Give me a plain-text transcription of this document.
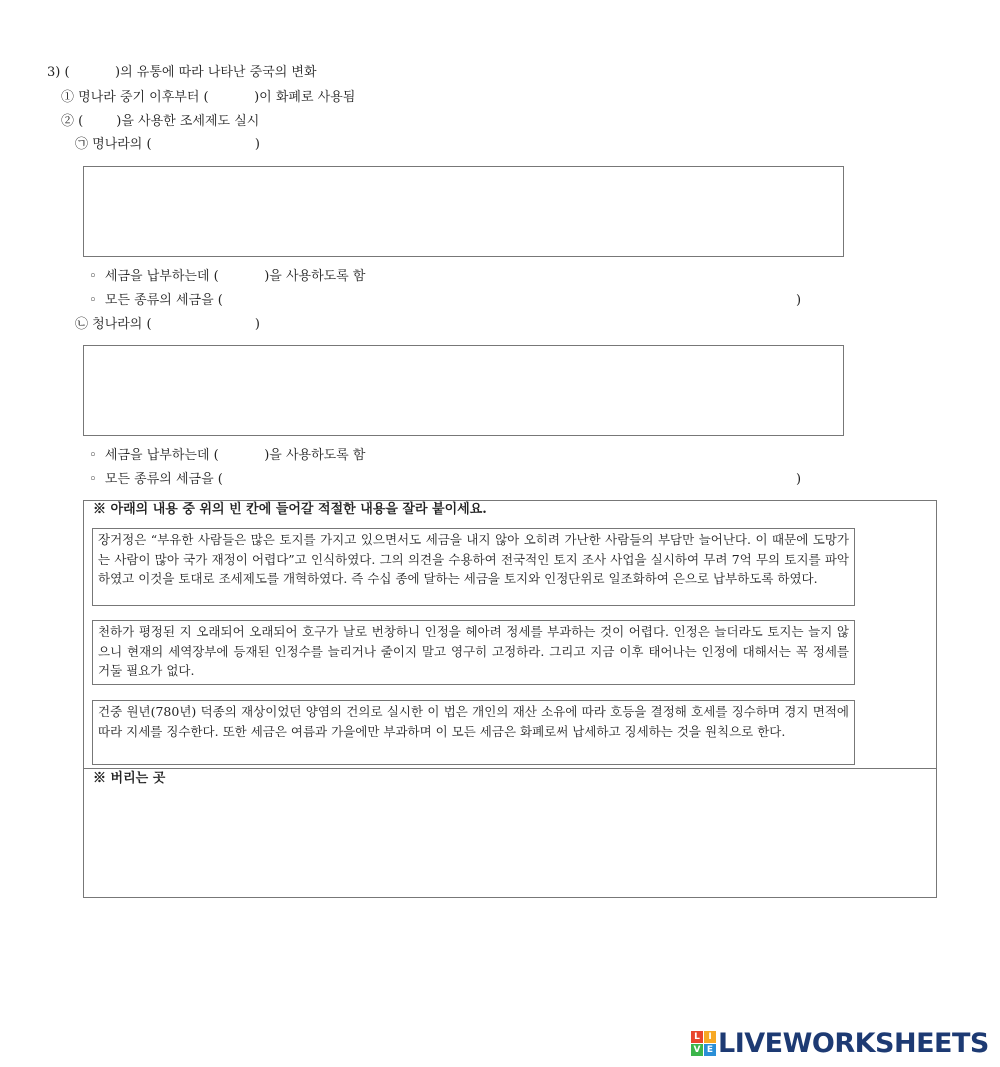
3) (           )의 유통에 따라 나타난 중국의 변화
① 명나라 중기 이후부터 (           )이 화폐로 사용됨
② (        )을 사용한 조세제도 실시
㉠ 명나라의 (                         )
◦  세금을 납부하는데 (           )을 사용하도록 함
◦  모든 종류의 세금을 (	)
㉡ 청나라의 (                         )
◦  세금을 납부하는데 (           )을 사용하도록 함
◦  모든 종류의 세금을 (	)
※ 아래의 내용 중 위의 빈 칸에 들어갈 적절한 내용을 잘라 붙이세요.
장거정은 “부유한 사람들은 많은 토지를 가지고 있으면서도 세금을 내지 않아 오히려 가난한 사람들의 부담만 늘어난다. 이 때문에 도망가는 사람이 많아 국가 재정이 어렵다”고 인식하였다. 그의 의견을 수용하여 전국적인 토지 조사 사업을 실시하여 무려 7억 무의 토지를 파악하였고 이것을 토대로 조세제도를 개혁하였다. 즉 수십 종에 달하는 세금을 토지와 인정단위로 일조화하여 은으로 납부하도록 하였다.
천하가 평정된 지 오래되어 오래되어 호구가 날로 번창하니 인정을 헤아려 정세를 부과하는 것이 어렵다. 인정은 늘더라도 토지는 늘지 않으니 현재의 세역장부에 등재된 인정수를 늘리거나 줄이지 말고 영구히 고정하라. 그리고 지금 이후 태어나는 인정에 대해서는 꼭 정세를 거둘 필요가 없다.
건중 원년(780년) 덕종의 재상이었던 양염의 건의로 실시한 이 법은 개인의 재산 소유에 따라 호등을 결정해 호세를 징수하며 경지 면적에 따라 지세를 징수한다. 또한 세금은 여름과 가을에만 부과하며 이 모든 세금은 화폐로써 납세하고 징세하는 것을 원칙으로 한다.
※ 버리는 곳
L I
V E LIVEWORKSHEETS
